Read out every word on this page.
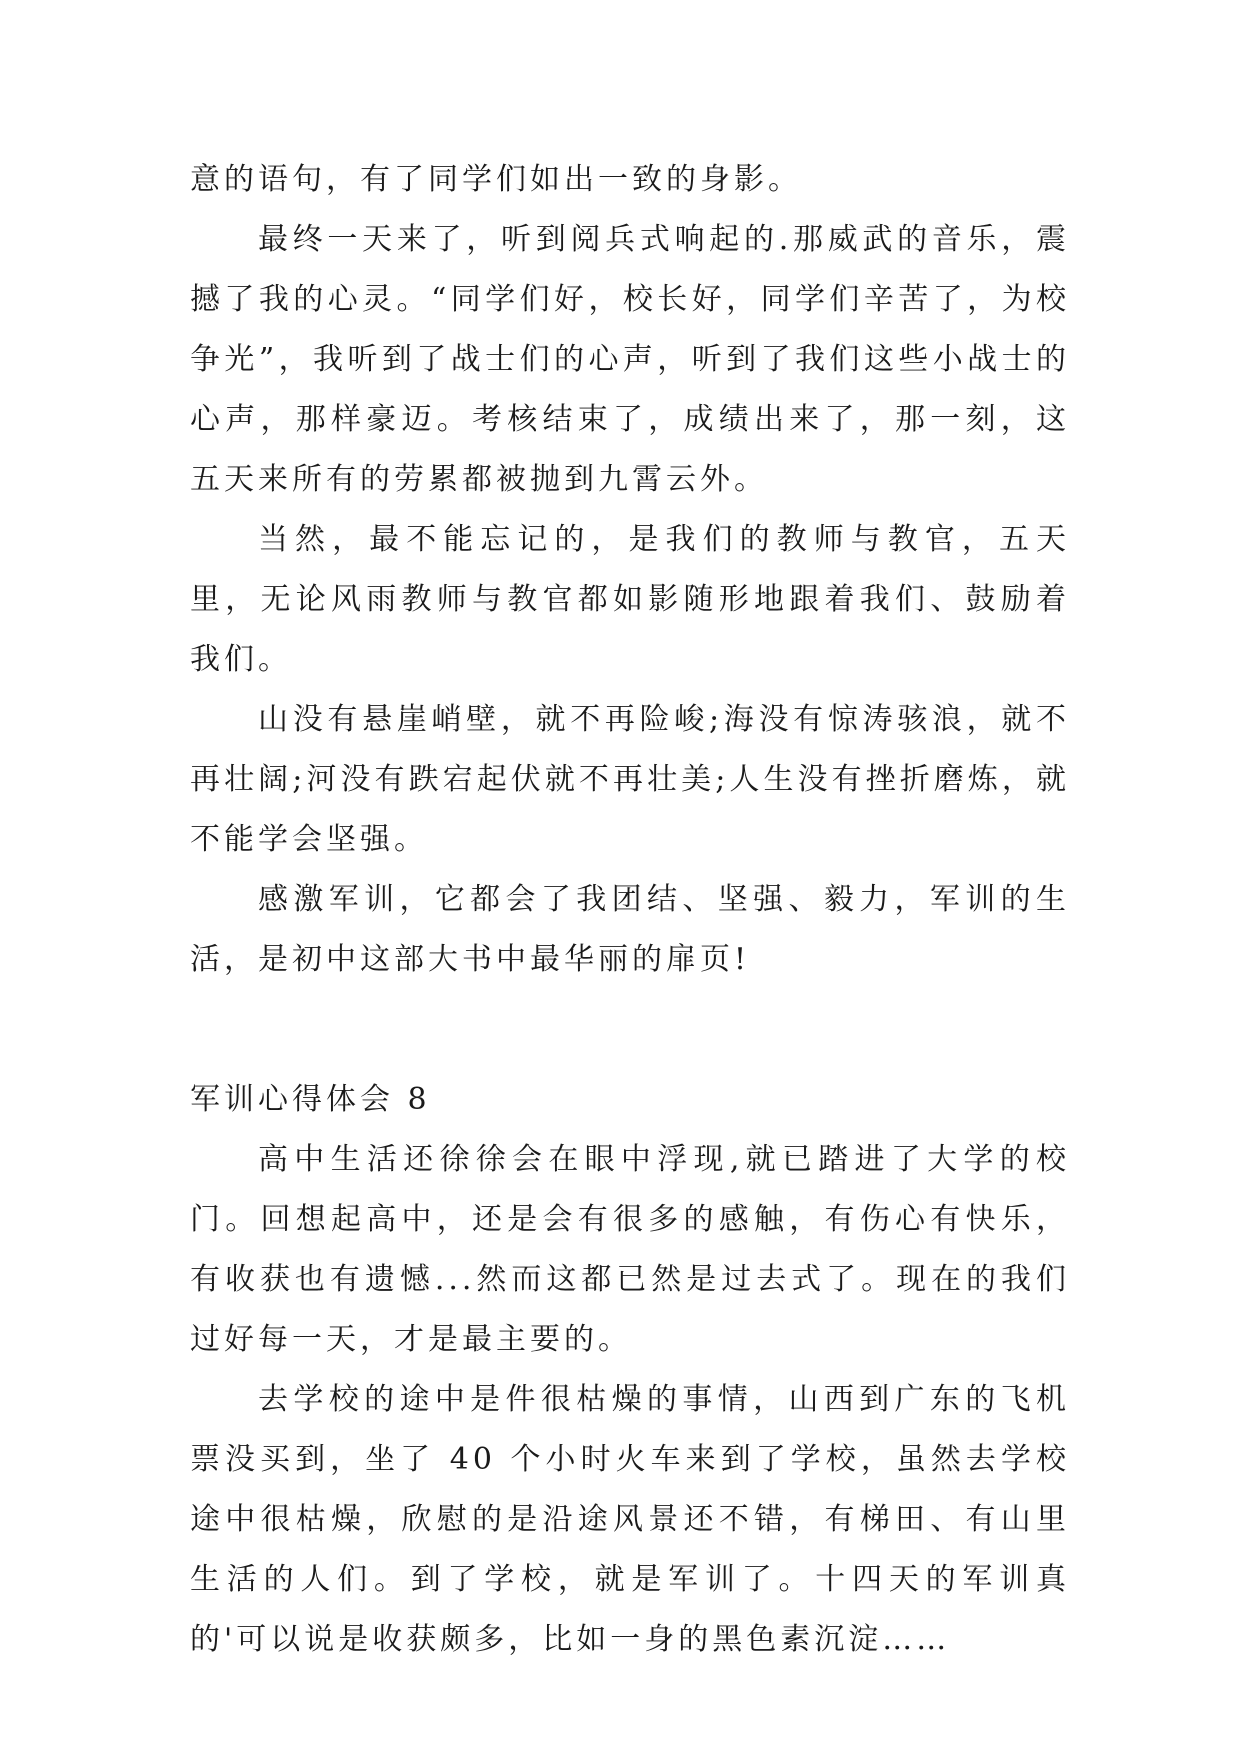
意的语句，有了同学们如出一致的身影。

最终一天来了，听到阅兵式响起的.那威武的音乐，震撼了我的心灵。“同学们好，校长好，同学们辛苦了，为校争光”，我听到了战士们的心声，听到了我们这些小战士的心声，那样豪迈。考核结束了，成绩出来了，那一刻，这五天来所有的劳累都被抛到九霄云外。

当然，最不能忘记的，是我们的教师与教官，五天里，无论风雨教师与教官都如影随形地跟着我们、鼓励着我们。

山没有悬崖峭壁，就不再险峻;海没有惊涛骇浪，就不再壮阔;河没有跌宕起伏就不再壮美;人生没有挫折磨炼，就不能学会坚强。

感激军训，它都会了我团结、坚强、毅力，军训的生活，是初中这部大书中最华丽的扉页!

军训心得体会 8

高中生活还徐徐会在眼中浮现,就已踏进了大学的校门。回想起高中，还是会有很多的感触，有伤心有快乐，有收获也有遗憾...然而这都已然是过去式了。现在的我们过好每一天，才是最主要的。

去学校的途中是件很枯燥的事情，山西到广东的飞机票没买到，坐了 40 个小时火车来到了学校，虽然去学校途中很枯燥，欣慰的是沿途风景还不错，有梯田、有山里生活的人们。到了学校，就是军训了。十四天的军训真的'可以说是收获颇多，比如一身的黑色素沉淀……
